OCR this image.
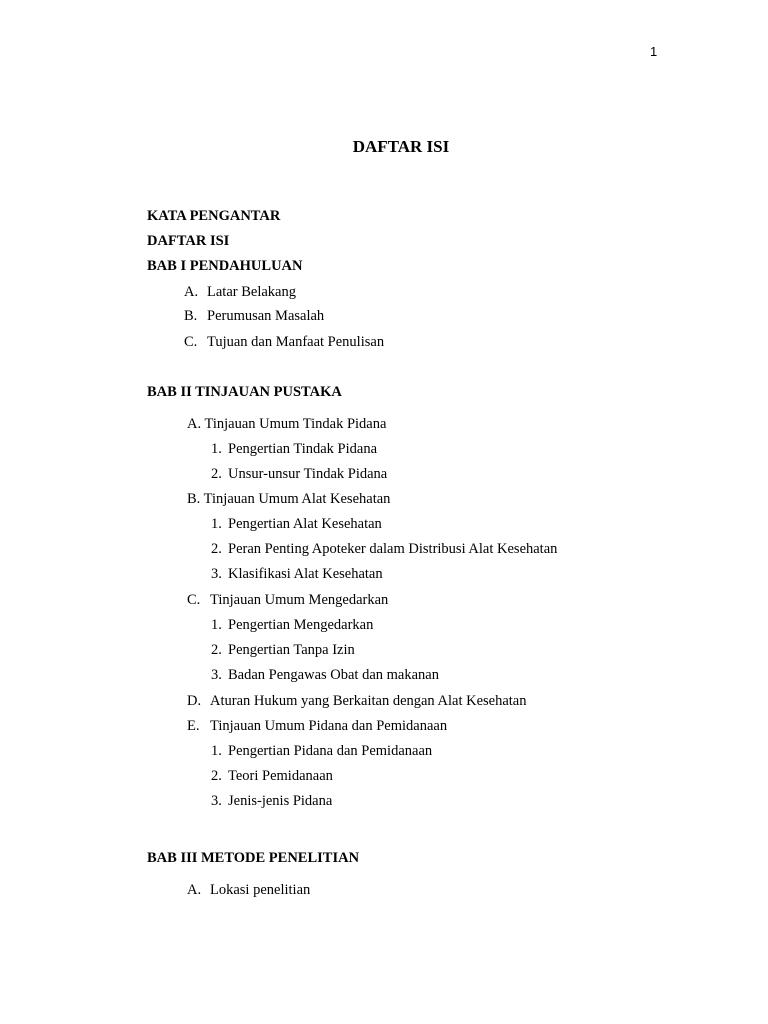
1
DAFTAR ISI
KATA PENGANTAR
DAFTAR ISI
BAB I PENDAHULUAN
A. Latar Belakang
B. Perumusan Masalah
C. Tujuan dan Manfaat Penulisan
BAB II TINJAUAN PUSTAKA
A. Tinjauan Umum Tindak Pidana
1. Pengertian Tindak Pidana
2. Unsur-unsur Tindak Pidana
B. Tinjauan Umum Alat Kesehatan
1. Pengertian Alat Kesehatan
2. Peran Penting Apoteker dalam Distribusi Alat Kesehatan
3. Klasifikasi Alat Kesehatan
C. Tinjauan Umum Mengedarkan
1. Pengertian Mengedarkan
2. Pengertian Tanpa Izin
3. Badan Pengawas Obat dan makanan
D. Aturan Hukum yang Berkaitan dengan Alat Kesehatan
E. Tinjauan Umum Pidana dan Pemidanaan
1. Pengertian Pidana dan Pemidanaan
2. Teori Pemidanaan
3. Jenis-jenis Pidana
BAB III METODE PENELITIAN
A. Lokasi penelitian
